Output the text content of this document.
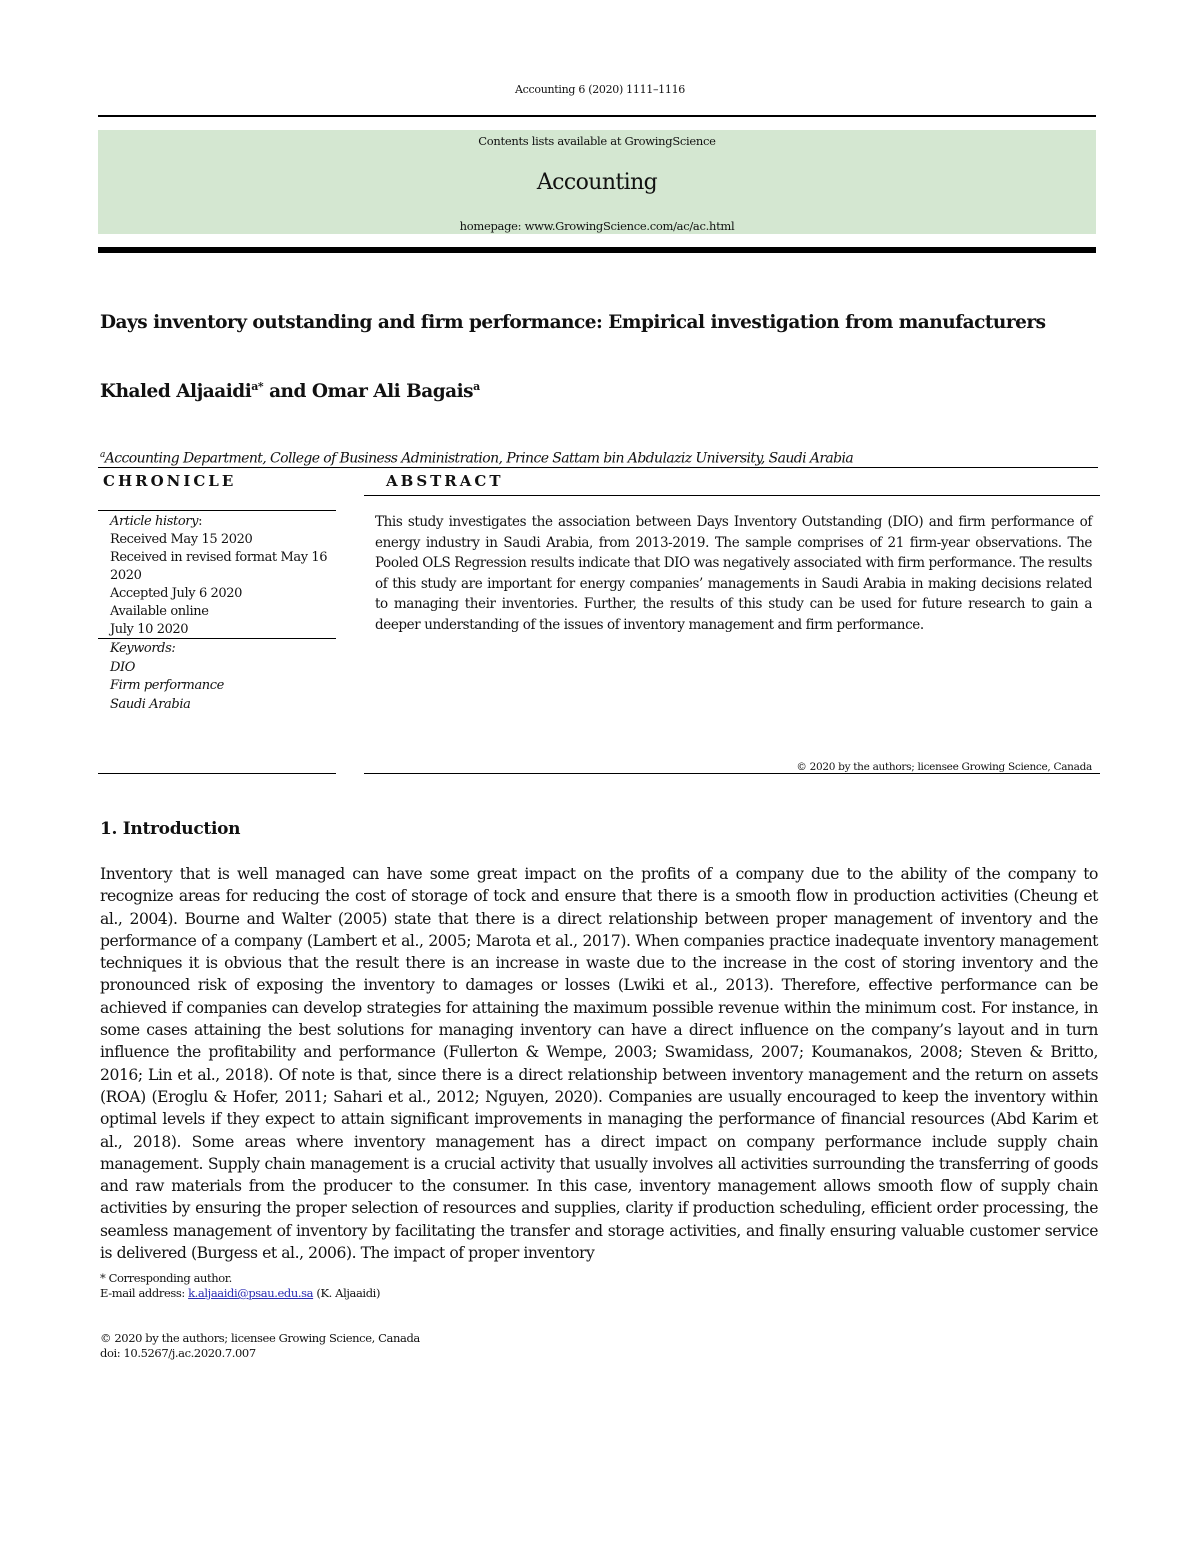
Accounting 6 (2020) 1111–1116
Contents lists available at GrowingScience
Accounting
homepage: www.GrowingScience.com/ac/ac.html
Days inventory outstanding and firm performance: Empirical investigation from manufacturers
Khaled Aljaaidi$^{a*}$ and Omar Ali Bagais$^a$
$^a$Accounting Department, College of Business Administration, Prince Sattam bin Abdulaziz University, Saudi Arabia
CHRONICLE	ABSTRACT
Article history:
Received May 15 2020
Received in revised format May 16 2020
Accepted July 6 2020
Available online
July 10 2020
Keywords:
DIO
Firm performance
Saudi Arabia
This study investigates the association between Days Inventory Outstanding (DIO) and firm performance of energy industry in Saudi Arabia, from 2013-2019. The sample comprises of 21 firm-year observations. The Pooled OLS Regression results indicate that DIO was negatively associated with firm performance. The results of this study are important for energy companies’ managements in Saudi Arabia in making decisions related to managing their inventories. Further, the results of this study can be used for future research to gain a deeper understanding of the issues of inventory management and firm performance.
© 2020 by the authors; licensee Growing Science, Canada
1. Introduction
Inventory that is well managed can have some great impact on the profits of a company due to the ability of the company to recognize areas for reducing the cost of storage of tock and ensure that there is a smooth flow in production activities (Cheung et al., 2004). Bourne and Walter (2005) state that there is a direct relationship between proper management of inventory and the performance of a company (Lambert et al., 2005; Marota et al., 2017). When companies practice inadequate inventory management techniques it is obvious that the result there is an increase in waste due to the increase in the cost of storing inventory and the pronounced risk of exposing the inventory to damages or losses (Lwiki et al., 2013). Therefore, effective performance can be achieved if companies can develop strategies for attaining the maximum possible revenue within the minimum cost. For instance, in some cases attaining the best solutions for managing inventory can have a direct influence on the company’s layout and in turn influence the profitability and performance (Fullerton & Wempe, 2003; Swamidass, 2007; Koumanakos, 2008; Steven & Britto, 2016; Lin et al., 2018). Of note is that, since there is a direct relationship between inventory management and the return on assets (ROA) (Eroglu & Hofer, 2011; Sahari et al., 2012; Nguyen, 2020). Companies are usually encouraged to keep the inventory within optimal levels if they expect to attain significant improvements in managing the performance of financial resources (Abd Karim et al., 2018). Some areas where inventory management has a direct impact on company performance include supply chain management. Supply chain management is a crucial activity that usually involves all activities surrounding the transferring of goods and raw materials from the producer to the consumer. In this case, inventory management allows smooth flow of supply chain activities by ensuring the proper selection of resources and supplies, clarity if production scheduling, efficient order processing, the seamless management of inventory by facilitating the transfer and storage activities, and finally ensuring valuable customer service is delivered (Burgess et al., 2006). The impact of proper inventory
* Corresponding author.
E-mail address: k.aljaaidi@psau.edu.sa (K. Aljaaidi)
© 2020 by the authors; licensee Growing Science, Canada
doi: 10.5267/j.ac.2020.7.007
